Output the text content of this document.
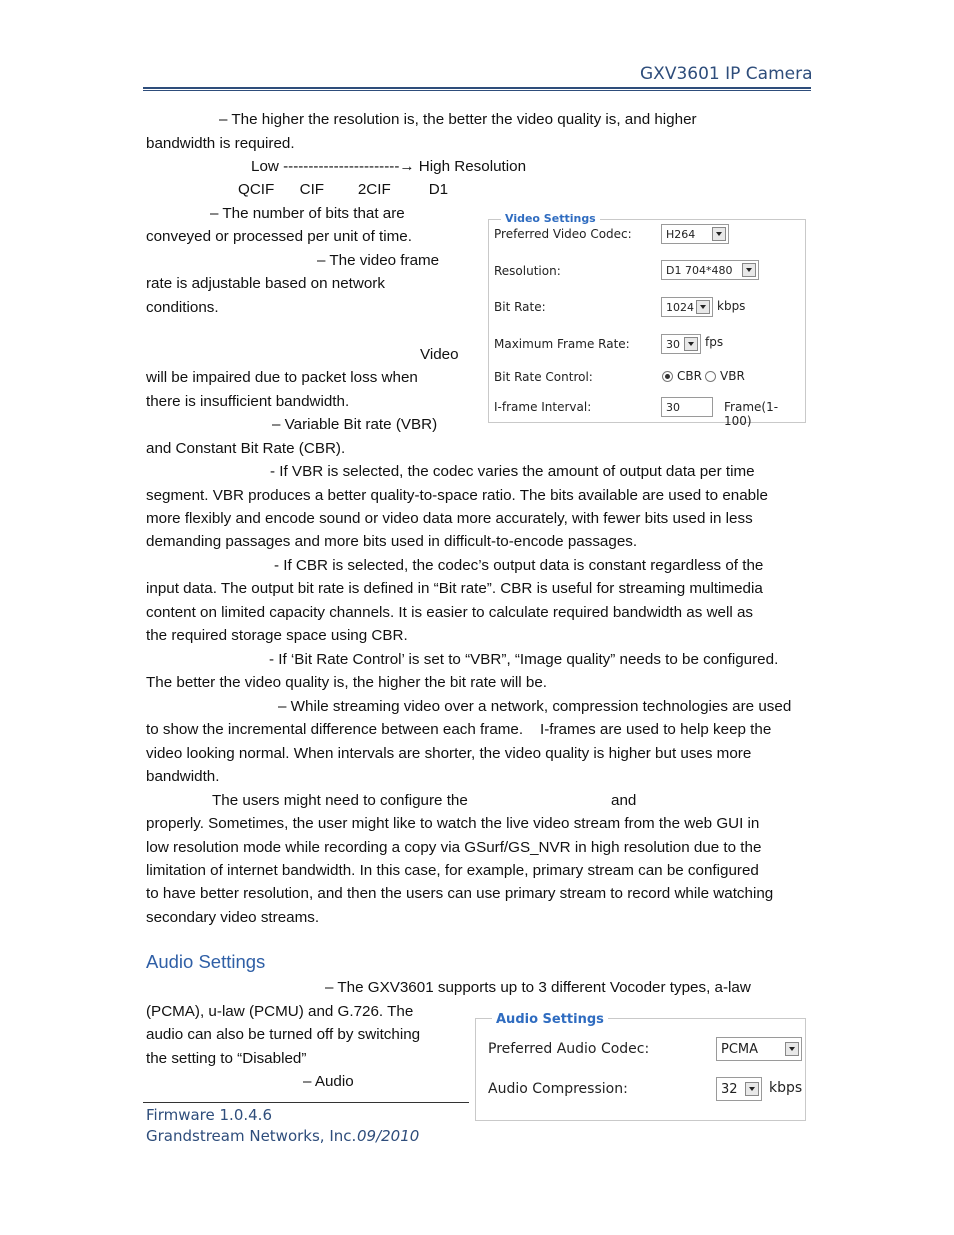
GXV3601 IP Camera
– The higher the resolution is, the better the video quality is, and higher
bandwidth is required.
Low -----------------------→ High Resolution
QCIF      CIF        2CIF         D1
– The number of bits that are
conveyed or processed per unit of time.
– The video frame
rate is adjustable based on network
conditions.
Video
will be impaired due to packet loss when
there is insufficient bandwidth.
– Variable Bit rate (VBR)
and Constant Bit Rate (CBR).
- If VBR is selected, the codec varies the amount of output data per time
segment. VBR produces a better quality-to-space ratio. The bits available are used to enable
more flexibly and encode sound or video data more accurately, with fewer bits used in less
demanding passages and more bits used in difficult-to-encode passages.
- If CBR is selected, the codec’s output data is constant regardless of the
input data. The output bit rate is defined in “Bit rate”. CBR is useful for streaming multimedia
content on limited capacity channels. It is easier to calculate required bandwidth as well as
the required storage space using CBR.
- If ‘Bit Rate Control’ is set to “VBR”, “Image quality” needs to be configured.
The better the video quality is, the higher the bit rate will be.
– While streaming video over a network, compression technologies are used
to show the incremental difference between each frame.    I-frames are used to help keep the
video looking normal. When intervals are shorter, the video quality is higher but uses more
bandwidth.
The users might need to configure the	and
properly. Sometimes, the user might like to watch the live video stream from the web GUI in
low resolution mode while recording a copy via GSurf/GS_NVR in high resolution due to the
limitation of internet bandwidth. In this case, for example, primary stream can be configured
to have better resolution, and then the users can use primary stream to record while watching
secondary video streams.
Audio Settings
– The GXV3601 supports up to 3 different Vocoder types, a-law
(PCMA), u-law (PCMU) and G.726. The
audio can also be turned off by switching
the setting to “Disabled”
– Audio
Video Settings
Preferred Video Codec:	H264
Resolution:	D1 704*480
Bit Rate:	1024	kbps
Maximum Frame Rate:	30	fps
Bit Rate Control:	CBR VBR
I-frame Interval:	30	Frame(1-100)
Audio Settings
Preferred Audio Codec:	PCMA
Audio Compression:	32	kbps
Firmware 1.0.4.6
Grandstream Networks, Inc. 09/2010
